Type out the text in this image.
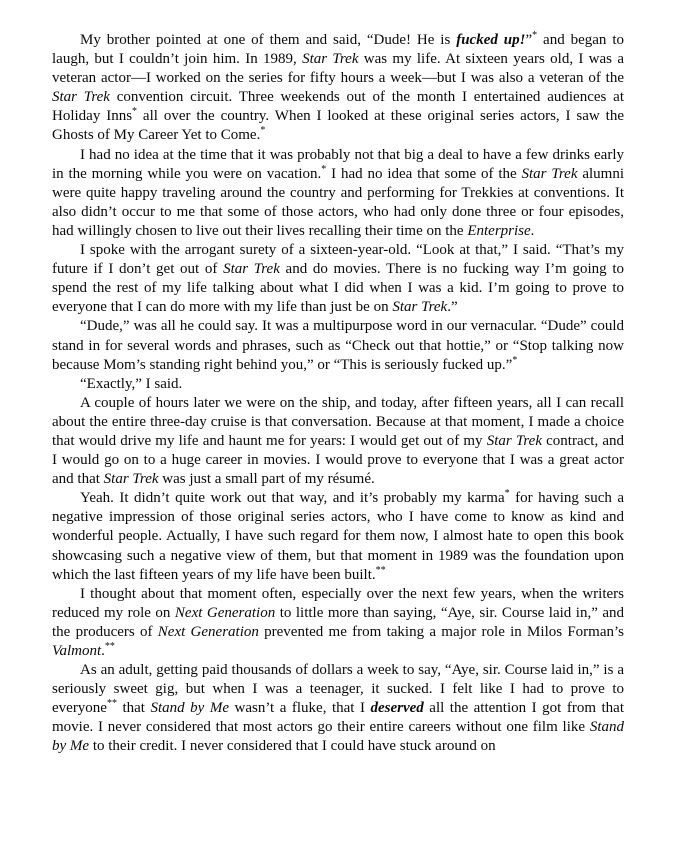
My brother pointed at one of them and said, “Dude! He is fucked up!”* and began to laugh, but I couldn’t join him. In 1989, Star Trek was my life. At sixteen years old, I was a veteran actor—I worked on the series for fifty hours a week—but I was also a veteran of the Star Trek convention circuit. Three weekends out of the month I entertained audiences at Holiday Inns* all over the country. When I looked at these original series actors, I saw the Ghosts of My Career Yet to Come.*

I had no idea at the time that it was probably not that big a deal to have a few drinks early in the morning while you were on vacation.* I had no idea that some of the Star Trek alumni were quite happy traveling around the country and performing for Trekkies at conventions. It also didn’t occur to me that some of those actors, who had only done three or four episodes, had willingly chosen to live out their lives recalling their time on the Enterprise.

I spoke with the arrogant surety of a sixteen-year-old. “Look at that,” I said. “That’s my future if I don’t get out of Star Trek and do movies. There is no fucking way I’m going to spend the rest of my life talking about what I did when I was a kid. I’m going to prove to everyone that I can do more with my life than just be on Star Trek.”

“Dude,” was all he could say. It was a multipurpose word in our vernacular. “Dude” could stand in for several words and phrases, such as “Check out that hottie,” or “Stop talking now because Mom’s standing right behind you,” or “This is seriously fucked up.”*

“Exactly,” I said.

A couple of hours later we were on the ship, and today, after fifteen years, all I can recall about the entire three-day cruise is that conversation. Because at that moment, I made a choice that would drive my life and haunt me for years: I would get out of my Star Trek contract, and I would go on to a huge career in movies. I would prove to everyone that I was a great actor and that Star Trek was just a small part of my résumé.

Yeah. It didn’t quite work out that way, and it’s probably my karma* for having such a negative impression of those original series actors, who I have come to know as kind and wonderful people. Actually, I have such regard for them now, I almost hate to open this book showcasing such a negative view of them, but that moment in 1989 was the foundation upon which the last fifteen years of my life have been built.**

I thought about that moment often, especially over the next few years, when the writers reduced my role on Next Generation to little more than saying, “Aye, sir. Course laid in,” and the producers of Next Generation prevented me from taking a major role in Milos Forman’s Valmont.**

As an adult, getting paid thousands of dollars a week to say, “Aye, sir. Course laid in,” is a seriously sweet gig, but when I was a teenager, it sucked. I felt like I had to prove to everyone** that Stand by Me wasn’t a fluke, that I deserved all the attention I got from that movie. I never considered that most actors go their entire careers without one film like Stand by Me to their credit. I never considered that I could have stuck around on
